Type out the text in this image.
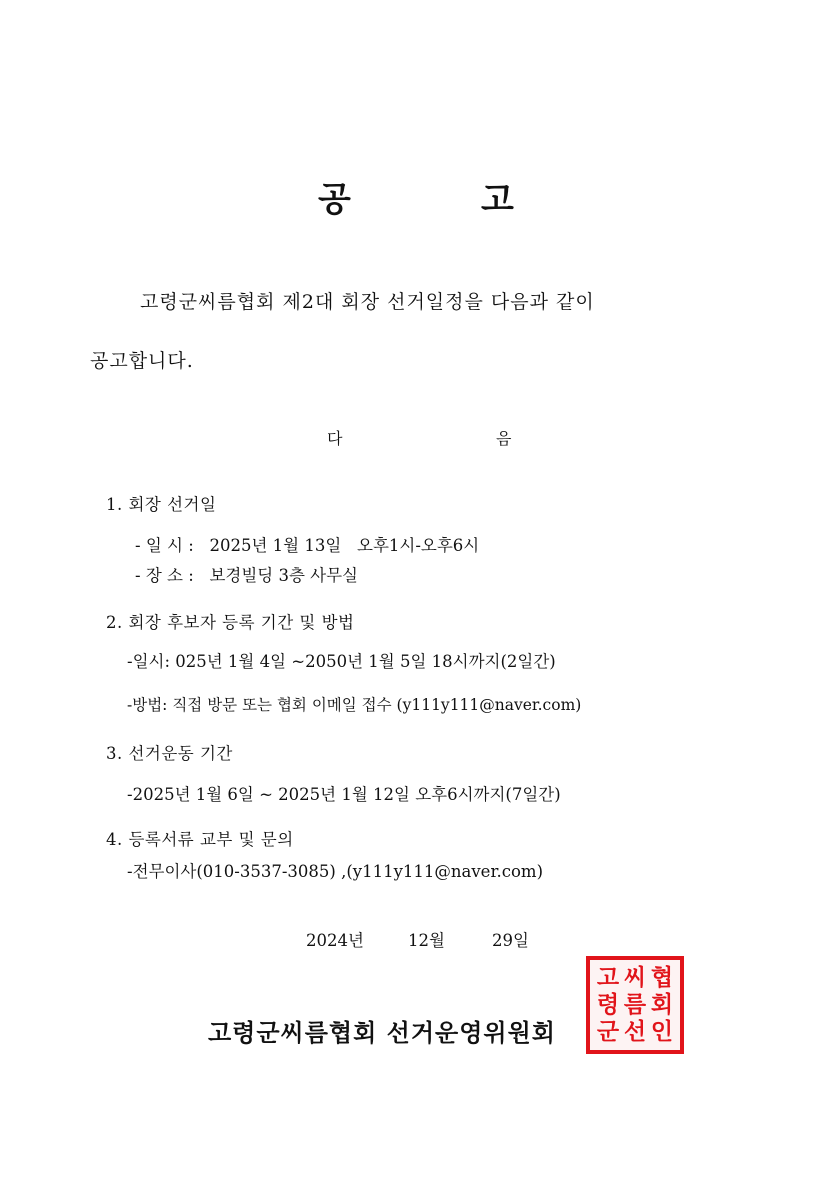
공	고
고령군씨름협회 제2대 회장 선거일정을 다음과 같이
공고합니다.
다	음
1. 회장 선거일
- 일 시 :   2025년 1월 13일   오후1시-오후6시
- 장 소 :   보경빌딩 3층 사무실
2. 회장 후보자 등록 기간 및 방법
-일시: 025년 1월 4일 ~2050년 1월 5일 18시까지(2일간)
-방법: 직접 방문 또는 협회 이메일 접수 (y111y111@naver.com)
3. 선거운동 기간
-2025년 1월 6일 ~ 2025년 1월 12일 오후6시까지(7일간)
4. 등록서류 교부 및 문의
-전무이사(010-3537-3085) ,(y111y111@naver.com)
2024년	12월	29일
고령군씨름협회 선거운영위원회
고 씨 협
령 름 회
군 선 인
